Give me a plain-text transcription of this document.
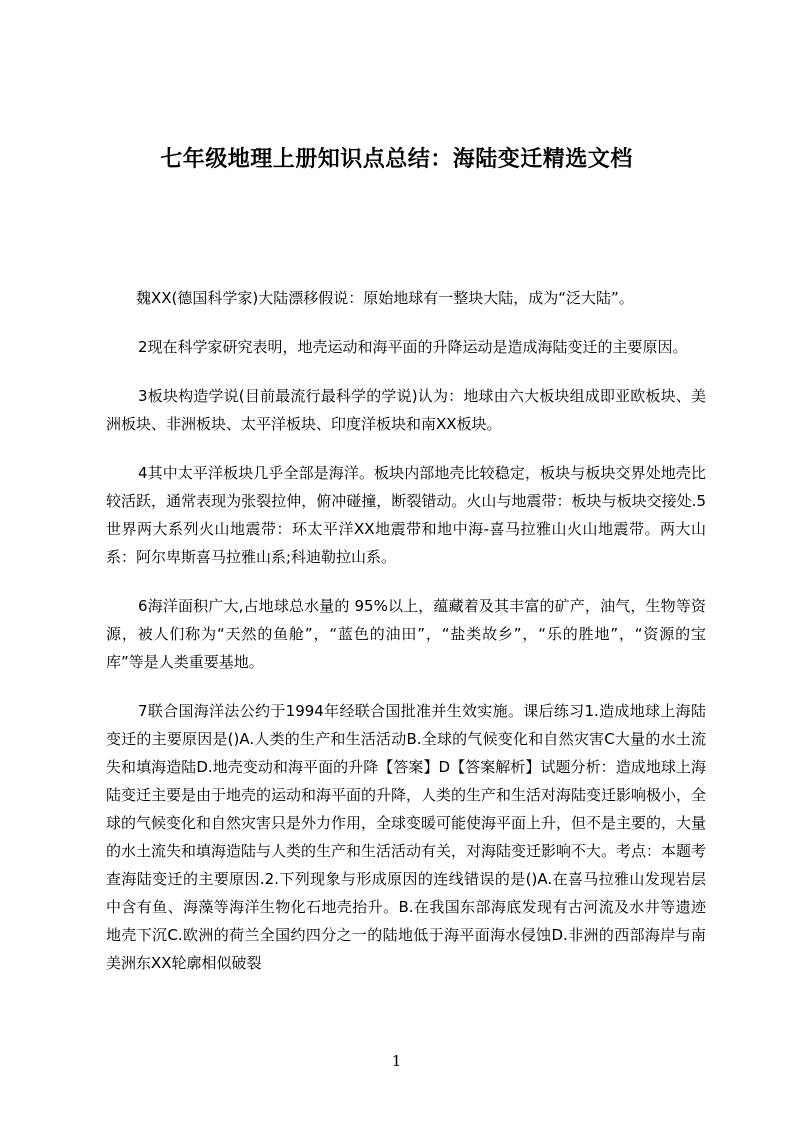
七年级地理上册知识点总结：海陆变迁精选文档

魏XX(德国科学家)大陆漂移假说：原始地球有一整块大陆，成为“泛大陆”。

2现在科学家研究表明，地壳运动和海平面的升降运动是造成海陆变迁的主要原因。

3板块构造学说(目前最流行最科学的学说)认为：地球由六大板块组成即亚欧板块、美洲板块、非洲板块、太平洋板块、印度洋板块和南XX板块。

4其中太平洋板块几乎全部是海洋。板块内部地壳比较稳定，板块与板块交界处地壳比较活跃，通常表现为张裂拉伸，俯冲碰撞，断裂错动。火山与地震带：板块与板块交接处.5世界两大系列火山地震带：环太平洋XX地震带和地中海-喜马拉雅山火山地震带。两大山系：阿尔卑斯喜马拉雅山系;科迪勒拉山系。

6海洋面积广大,占地球总水量的 95%以上，蕴藏着及其丰富的矿产，油气，生物等资源，被人们称为“天然的鱼舱”，“蓝色的油田”，“盐类故乡”，“乐的胜地”，“资源的宝库”等是人类重要基地。

7联合国海洋法公约于1994年经联合国批准并生效实施。课后练习1.造成地球上海陆变迁的主要原因是()A.人类的生产和生活活动B.全球的气候变化和自然灾害C大量的水土流失和填海造陆D.地壳变动和海平面的升降【答案】D【答案解析】试题分析：造成地球上海陆变迁主要是由于地壳的运动和海平面的升降，人类的生产和生活对海陆变迁影响极小，全球的气候变化和自然灾害只是外力作用，全球变暖可能使海平面上升，但不是主要的，大量的水土流失和填海造陆与人类的生产和生活活动有关，对海陆变迁影响不大。考点：本题考查海陆变迁的主要原因.2.下列现象与形成原因的连线错误的是()A.在喜马拉雅山发现岩层中含有鱼、海藻等海洋生物化石地壳抬升。B.在我国东部海底发现有古河流及水井等遗迹地壳下沉C.欧洲的荷兰全国约四分之一的陆地低于海平面海水侵蚀D.非洲的西部海岸与南美洲东XX轮廓相似破裂

1
